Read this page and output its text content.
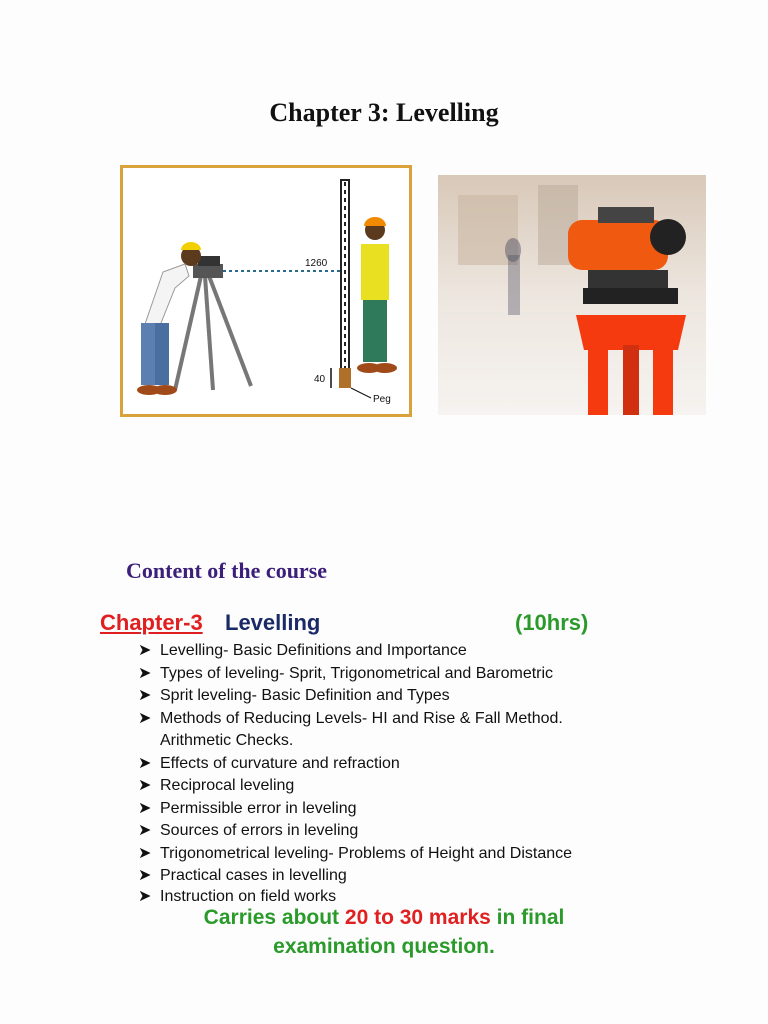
Chapter 3: Levelling
1260
40
Peg
Content of the course
Chapter-3 Levelling	(10hrs)
➤ Levelling- Basic Definitions and Importance
➤ Types of leveling- Sprit, Trigonometrical and Barometric
➤ Sprit leveling- Basic Definition and Types
➤ Methods of Reducing Levels- HI and Rise & Fall Method.
Arithmetic Checks.
➤ Effects of curvature and refraction
➤ Reciprocal leveling
➤ Permissible error in leveling
➤ Sources of errors in leveling
➤ Trigonometrical leveling- Problems of Height and Distance
➤ Practical cases in levelling
➤ Instruction on field works
Carries about 20 to 30 marks in final
examination question.
